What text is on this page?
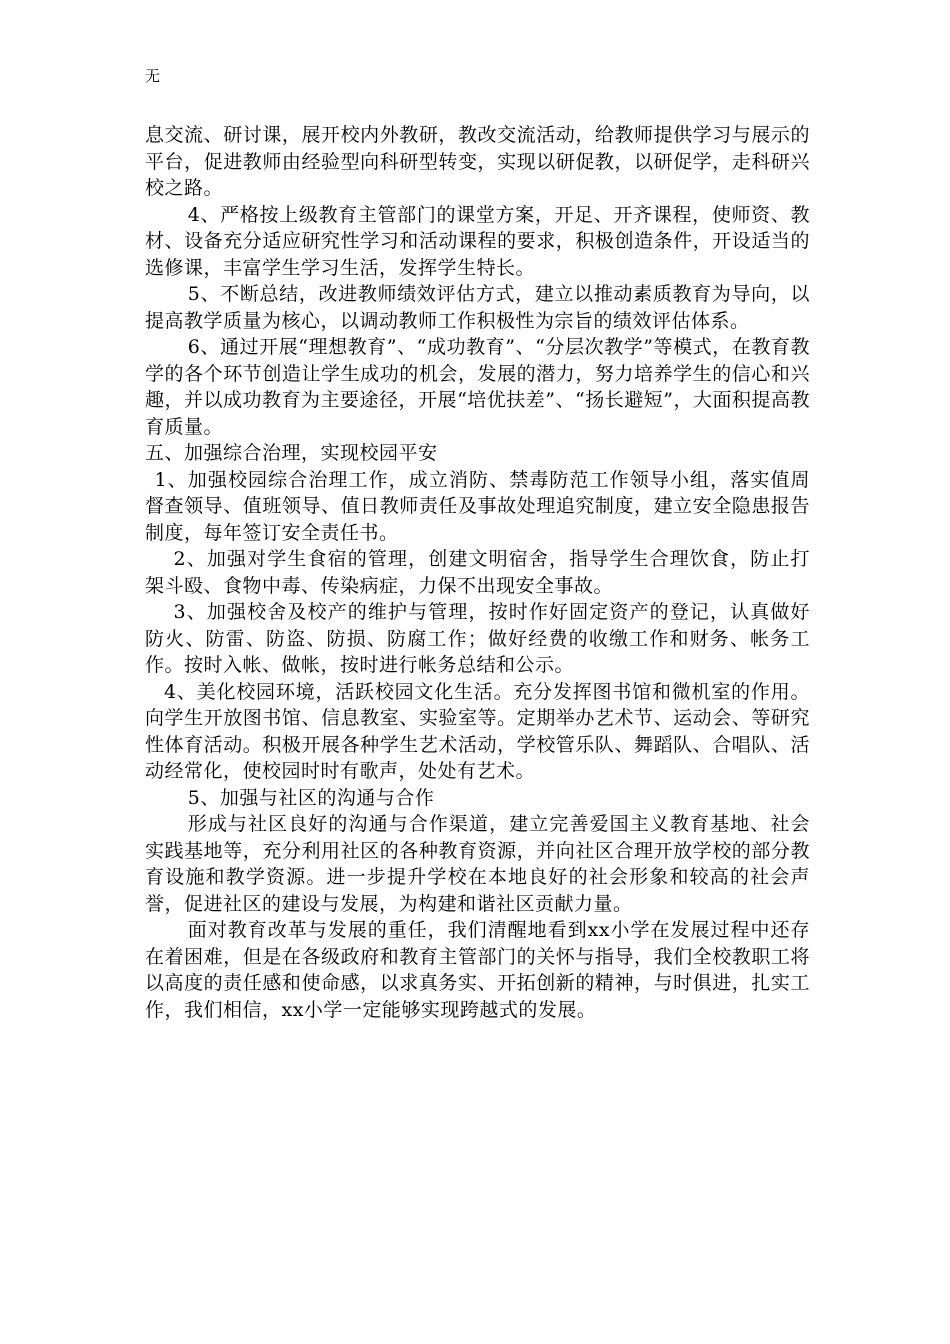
无

息交流、研讨课，展开校内外教研，教改交流活动，给教师提供学习与展示的平台，促进教师由经验型向科研型转变，实现以研促教，以研促学，走科研兴校之路。

4、严格按上级教育主管部门的课堂方案，开足、开齐课程，使师资、教材、设备充分适应研究性学习和活动课程的要求，积极创造条件，开设适当的选修课，丰富学生学习生活，发挥学生特长。

5、不断总结，改进教师绩效评估方式，建立以推动素质教育为导向，以提高教学质量为核心，以调动教师工作积极性为宗旨的绩效评估体系。

6、通过开展“理想教育”、“成功教育”、“分层次教学”等模式，在教育教学的各个环节创造让学生成功的机会，发展的潜力，努力培养学生的信心和兴趣，并以成功教育为主要途径，开展“培优扶差”、“扬长避短”，大面积提高教育质量。

五、加强综合治理，实现校园平安

1、加强校园综合治理工作，成立消防、禁毒防范工作领导小组，落实值周督查领导、值班领导、值日教师责任及事故处理追究制度，建立安全隐患报告制度，每年签订安全责任书。

2、加强对学生食宿的管理，创建文明宿舍，指导学生合理饮食，防止打架斗殴、食物中毒、传染病症，力保不出现安全事故。

3、加强校舍及校产的维护与管理，按时作好固定资产的登记，认真做好防火、防雷、防盗、防损、防腐工作；做好经费的收缴工作和财务、帐务工作。按时入帐、做帐，按时进行帐务总结和公示。

4、美化校园环境，活跃校园文化生活。充分发挥图书馆和微机室的作用。向学生开放图书馆、信息教室、实验室等。定期举办艺术节、运动会、等研究性体育活动。积极开展各种学生艺术活动，学校管乐队、舞蹈队、合唱队、活动经常化，使校园时时有歌声，处处有艺术。

5、加强与社区的沟通与合作

形成与社区良好的沟通与合作渠道，建立完善爱国主义教育基地、社会实践基地等，充分利用社区的各种教育资源，并向社区合理开放学校的部分教育设施和教学资源。进一步提升学校在本地良好的社会形象和较高的社会声誉，促进社区的建设与发展，为构建和谐社区贡献力量。

面对教育改革与发展的重任，我们清醒地看到xx小学在发展过程中还存在着困难，但是在各级政府和教育主管部门的关怀与指导，我们全校教职工将以高度的责任感和使命感，以求真务实、开拓创新的精神，与时俱进，扎实工作，我们相信，xx小学一定能够实现跨越式的发展。
